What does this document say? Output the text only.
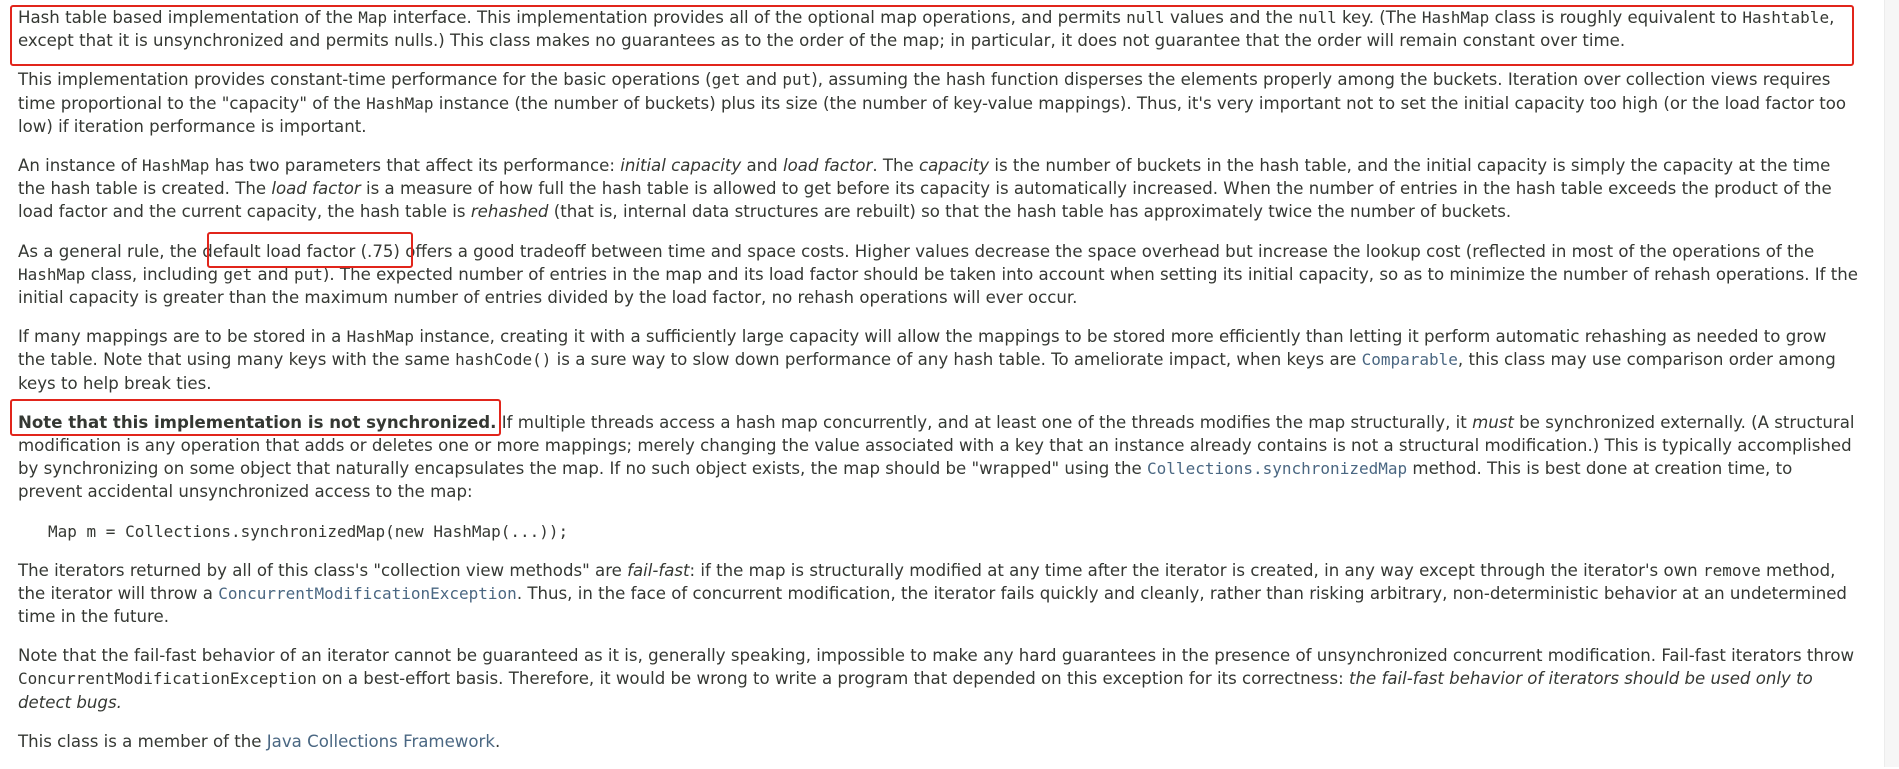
Hash table based implementation of the Map interface. This implementation provides all of the optional map operations, and permits null values and the null key. (The HashMap class is roughly equivalent to Hashtable, except that it is unsynchronized and permits nulls.) This class makes no guarantees as to the order of the map; in particular, it does not guarantee that the order will remain constant over time.

This implementation provides constant-time performance for the basic operations (get and put), assuming the hash function disperses the elements properly among the buckets. Iteration over collection views requires time proportional to the "capacity" of the HashMap instance (the number of buckets) plus its size (the number of key-value mappings). Thus, it's very important not to set the initial capacity too high (or the load factor too low) if iteration performance is important.

An instance of HashMap has two parameters that affect its performance: initial capacity and load factor. The capacity is the number of buckets in the hash table, and the initial capacity is simply the capacity at the time the hash table is created. The load factor is a measure of how full the hash table is allowed to get before its capacity is automatically increased. When the number of entries in the hash table exceeds the product of the load factor and the current capacity, the hash table is rehashed (that is, internal data structures are rebuilt) so that the hash table has approximately twice the number of buckets.

As a general rule, the default load factor (.75) offers a good tradeoff between time and space costs. Higher values decrease the space overhead but increase the lookup cost (reflected in most of the operations of the HashMap class, including get and put). The expected number of entries in the map and its load factor should be taken into account when setting its initial capacity, so as to minimize the number of rehash operations. If the initial capacity is greater than the maximum number of entries divided by the load factor, no rehash operations will ever occur.

If many mappings are to be stored in a HashMap instance, creating it with a sufficiently large capacity will allow the mappings to be stored more efficiently than letting it perform automatic rehashing as needed to grow the table. Note that using many keys with the same hashCode() is a sure way to slow down performance of any hash table. To ameliorate impact, when keys are Comparable, this class may use comparison order among keys to help break ties.

Note that this implementation is not synchronized. If multiple threads access a hash map concurrently, and at least one of the threads modifies the map structurally, it must be synchronized externally. (A structural modification is any operation that adds or deletes one or more mappings; merely changing the value associated with a key that an instance already contains is not a structural modification.) This is typically accomplished by synchronizing on some object that naturally encapsulates the map. If no such object exists, the map should be "wrapped" using the Collections.synchronizedMap method. This is best done at creation time, to prevent accidental unsynchronized access to the map:

Map m = Collections.synchronizedMap(new HashMap(...));

The iterators returned by all of this class's "collection view methods" are fail-fast: if the map is structurally modified at any time after the iterator is created, in any way except through the iterator's own remove method, the iterator will throw a ConcurrentModificationException. Thus, in the face of concurrent modification, the iterator fails quickly and cleanly, rather than risking arbitrary, non-deterministic behavior at an undetermined time in the future.

Note that the fail-fast behavior of an iterator cannot be guaranteed as it is, generally speaking, impossible to make any hard guarantees in the presence of unsynchronized concurrent modification. Fail-fast iterators throw ConcurrentModificationException on a best-effort basis. Therefore, it would be wrong to write a program that depended on this exception for its correctness: the fail-fast behavior of iterators should be used only to detect bugs.

This class is a member of the Java Collections Framework.
